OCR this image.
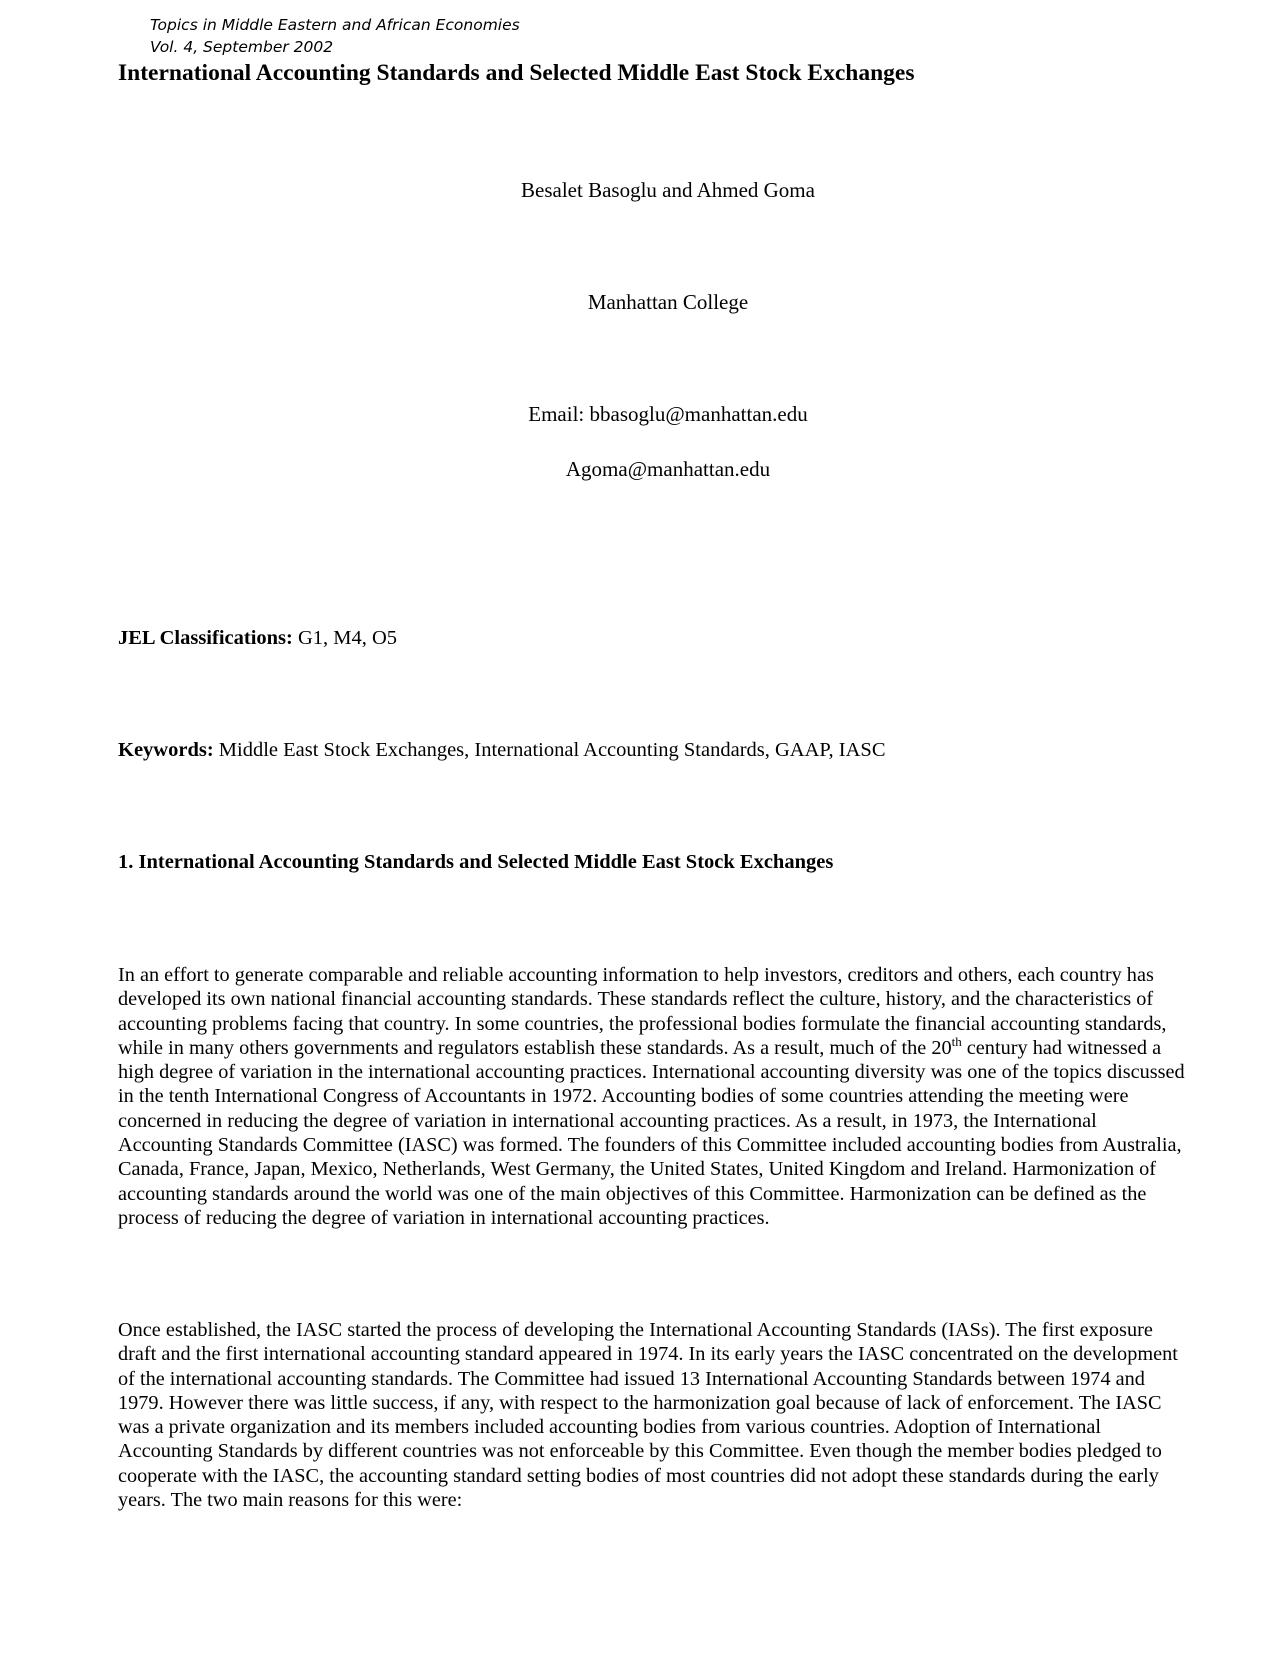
Topics in Middle Eastern and African Economies
Vol. 4, September 2002
International Accounting Standards and Selected Middle East Stock Exchanges

Besalet Basoglu and Ahmed Goma

Manhattan College

Email: bbasoglu@manhattan.edu

Agoma@manhattan.edu

JEL Classifications: G1, M4, O5

Keywords: Middle East Stock Exchanges, International Accounting Standards, GAAP, IASC

1. International Accounting Standards and Selected Middle East Stock Exchanges
In an effort to generate comparable and reliable accounting information to help investors, creditors and others, each country has
developed its own national financial accounting standards. These standards reflect the culture, history, and the characteristics of
accounting problems facing that country. In some countries, the professional bodies formulate the financial accounting standards,
while in many others governments and regulators establish these standards. As a result, much of the 20th century had witnessed a
high degree of variation in the international accounting practices. International accounting diversity was one of the topics discussed
in the tenth International Congress of Accountants in 1972. Accounting bodies of some countries attending the meeting were
concerned in reducing the degree of variation in international accounting practices. As a result, in 1973, the International
Accounting Standards Committee (IASC) was formed. The founders of this Committee included accounting bodies from Australia,
Canada, France, Japan, Mexico, Netherlands, West Germany, the United States, United Kingdom and Ireland. Harmonization of
accounting standards around the world was one of the main objectives of this Committee. Harmonization can be defined as the
process of reducing the degree of variation in international accounting practices.
Once established, the IASC started the process of developing the International Accounting Standards (IASs). The first exposure
draft and the first international accounting standard appeared in 1974. In its early years the IASC concentrated on the development
of the international accounting standards. The Committee had issued 13 International Accounting Standards between 1974 and
1979. However there was little success, if any, with respect to the harmonization goal because of lack of enforcement. The IASC
was a private organization and its members included accounting bodies from various countries. Adoption of International
Accounting Standards by different countries was not enforceable by this Committee. Even though the member bodies pledged to
cooperate with the IASC, the accounting standard setting bodies of most countries did not adopt these standards during the early
years. The two main reasons for this were:
